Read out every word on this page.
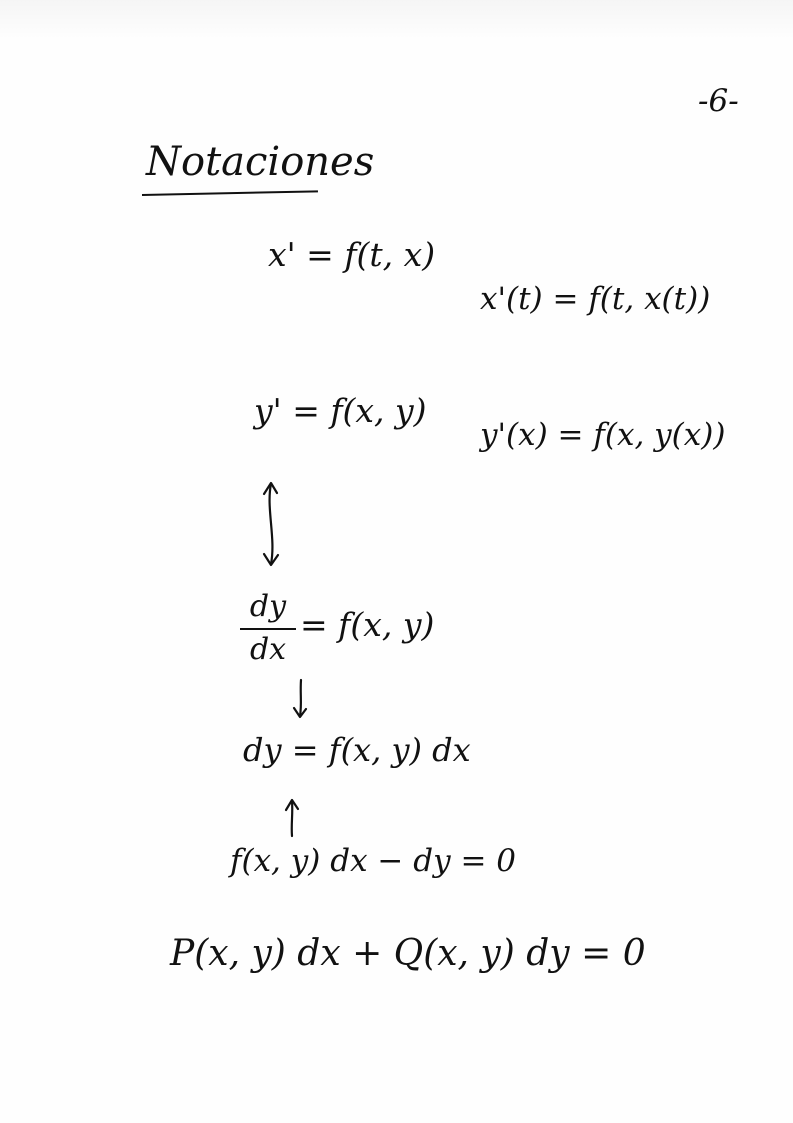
-6-
Notaciones
x' = f(t, x)
x'(t) = f(t, x(t))
y' = f(x, y)
y'(x) = f(x, y(x))
dy
dx
= f(x, y)
dy = f(x, y) dx
f(x, y) dx − dy = 0
P(x, y) dx + Q(x, y) dy = 0
